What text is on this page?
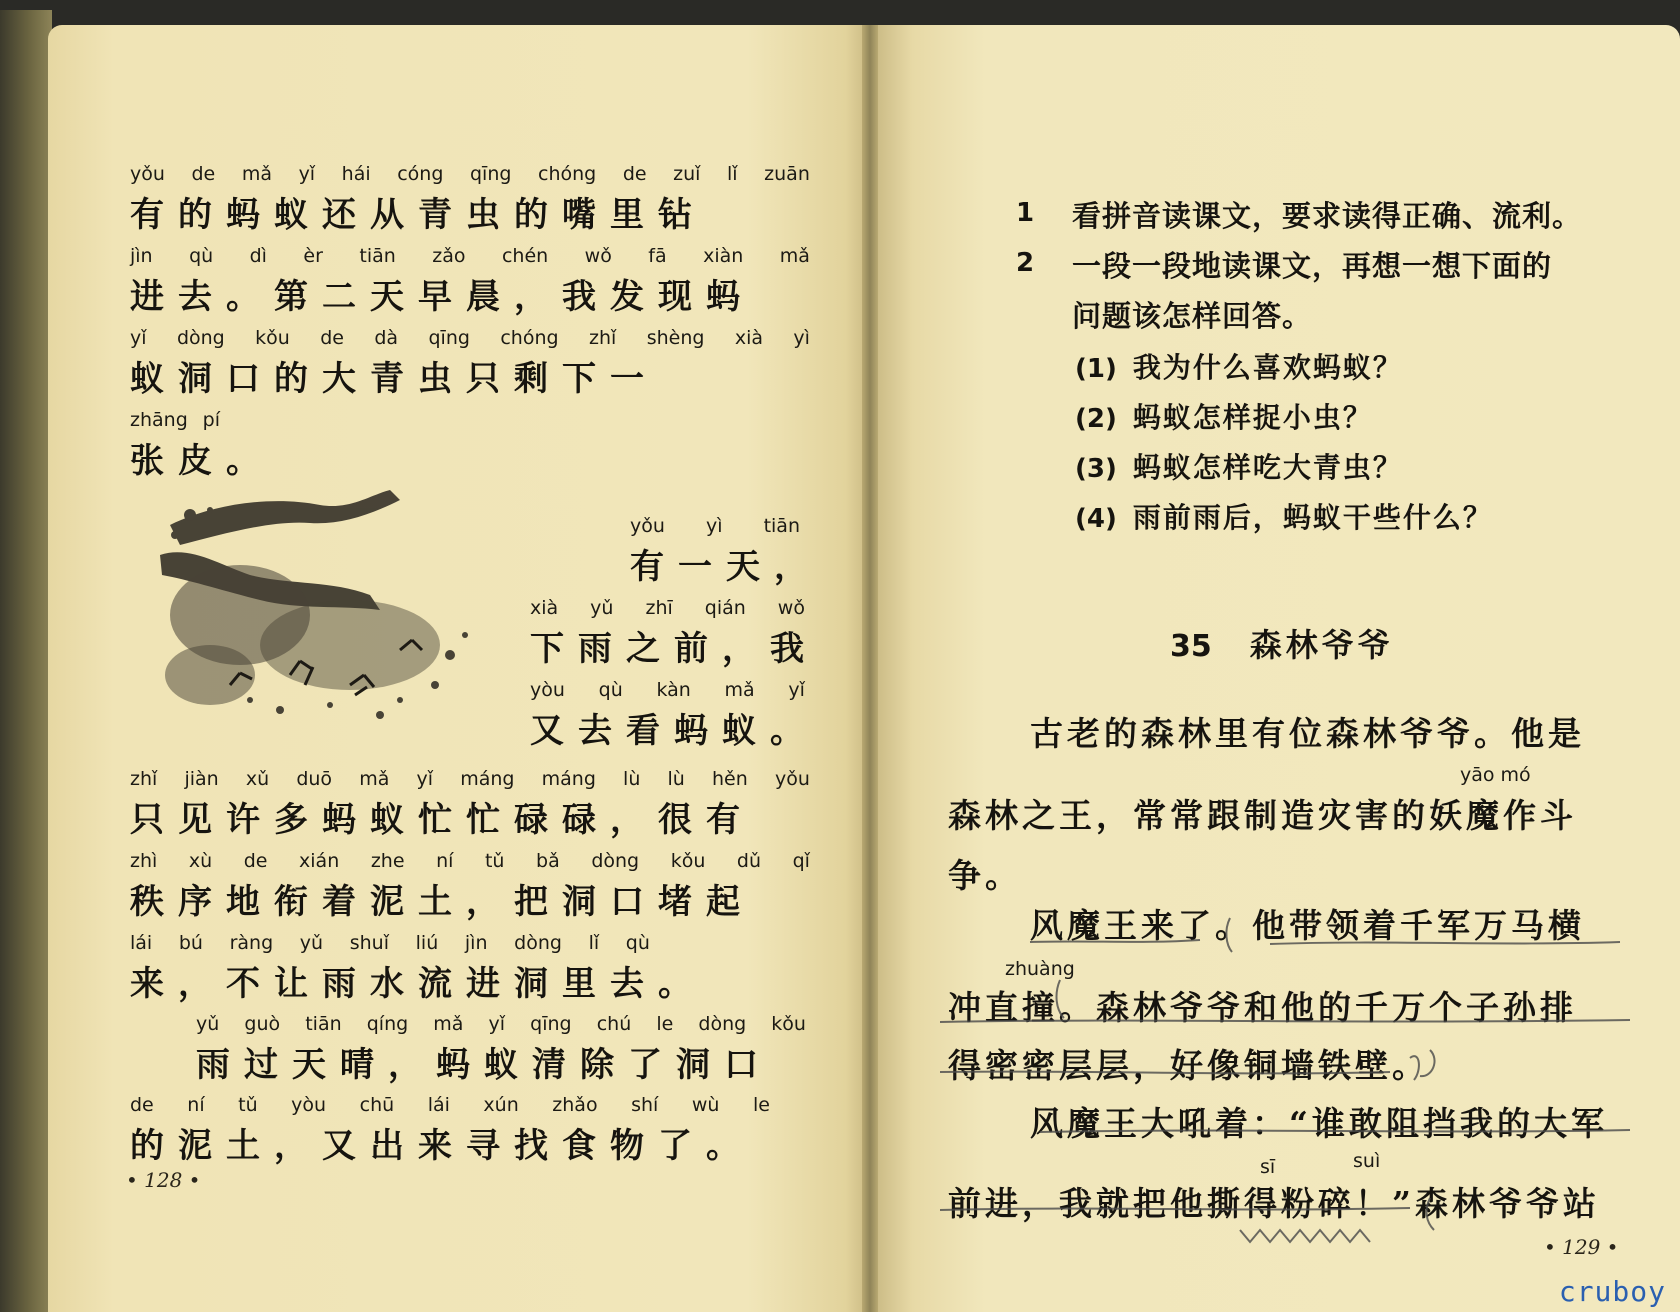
yǒu de mǎ yǐ hái cóng qīng chóng de zuǐ lǐ zuān
有的蚂蚁还从青虫的嘴里钻
jìn qù dì èr tiān zǎo chén wǒ fā xiàn mǎ
进去。第二天早晨，我发现蚂
yǐ dòng kǒu de dà qīng chóng zhǐ shèng xià yì
蚁洞口的大青虫只剩下一
zhāng pí
张皮。
yǒu yì tiān
有一天，
xià yǔ zhī qián wǒ
下雨之前，我
yòu qù kàn mǎ yǐ
又去看蚂蚁。
zhǐ jiàn xǔ duō mǎ yǐ máng máng lù lù hěn yǒu
只见许多蚂蚁忙忙碌碌，很有
zhì xù de xián zhe ní tǔ bǎ dòng kǒu dǔ qǐ
秩序地衔着泥土，把洞口堵起
lái bú ràng yǔ shuǐ liú jìn dòng lǐ qù
来，不让雨水流进洞里去。
yǔ guò tiān qíng mǎ yǐ qīng chú le dòng kǒu
雨过天晴，蚂蚁清除了洞口
de ní tǔ yòu chū lái xún zhǎo shí wù le
的泥土，又出来寻找食物了。
• 128 •
1 看拼音读课文，要求读得正确、流利。
2 一段一段地读课文，再想一想下面的
问题该怎样回答。
(1) 我为什么喜欢蚂蚁？
(2) 蚂蚁怎样捉小虫？
(3) 蚂蚁怎样吃大青虫？
(4) 雨前雨后，蚂蚁干些什么？
35 森林爷爷
yāo mó
zhuàng
sī	suì
古老的森林里有位森林爷爷。他是
森林之王，常常跟制造灾害的妖魔作斗
争。
风魔王来了。他带领着千军万马横
冲直撞。森林爷爷和他的千万个子孙排
得密密层层，好像铜墙铁壁。
风魔王大吼着：“谁敢阻挡我的大军
前进，我就把他撕得粉碎！”森林爷爷站
• 129 •
cruboy
